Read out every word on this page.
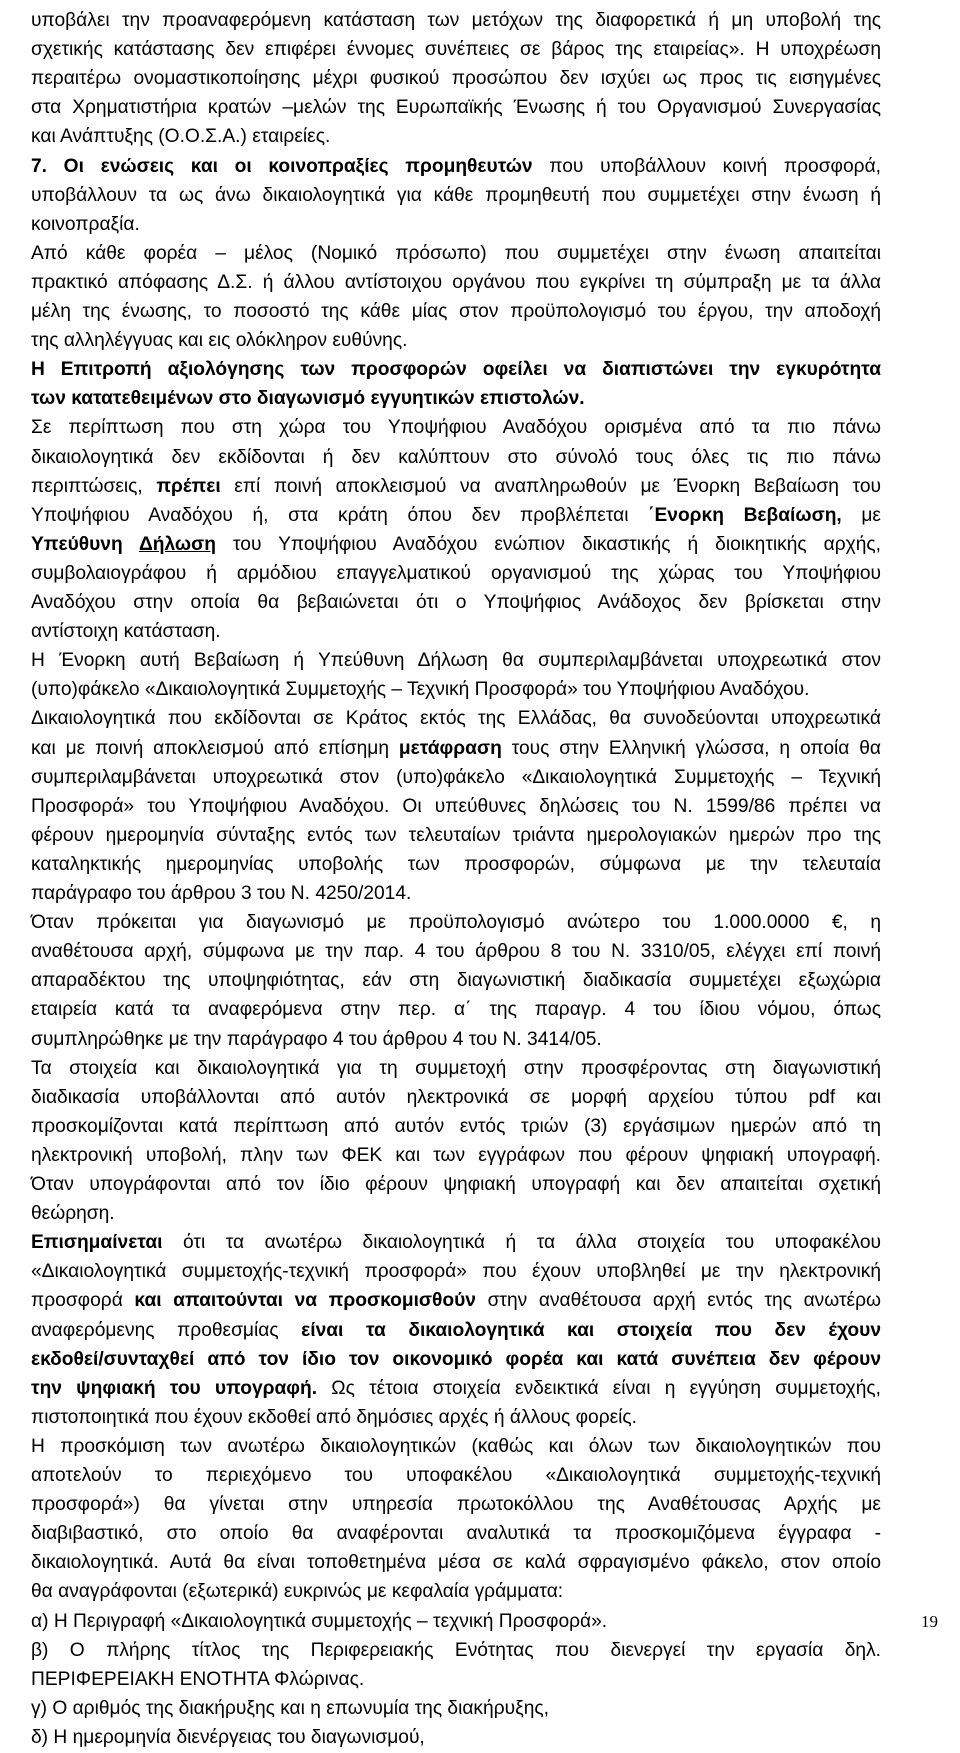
υποβάλει την προαναφερόμενη κατάσταση των μετόχων της διαφορετικά ή μη υποβολή της
σχετικής κατάστασης δεν επιφέρει έννομες συνέπειες σε βάρος της εταιρείας». Η υποχρέωση
περαιτέρω ονομαστικοποίησης μέχρι φυσικού προσώπου δεν ισχύει ως προς τις εισηγμένες
στα Χρηματιστήρια κρατών –μελών της Ευρωπαϊκής Ένωσης ή του Οργανισμού Συνεργασίας
και Ανάπτυξης (Ο.Ο.Σ.Α.) εταιρείες.
7. Οι ενώσεις και οι κοινοπραξίες προμηθευτών που υποβάλλουν κοινή προσφορά,
υποβάλλουν τα ως άνω δικαιολογητικά για κάθε προμηθευτή που συμμετέχει στην ένωση ή
κοινοπραξία.
Από κάθε φορέα – μέλος (Νομικό πρόσωπο) που συμμετέχει στην ένωση απαιτείται
πρακτικό απόφασης Δ.Σ. ή άλλου αντίστοιχου οργάνου που εγκρίνει τη σύμπραξη με τα άλλα
μέλη της ένωσης, το ποσοστό της κάθε μίας στον προϋπολογισμό του έργου, την αποδοχή
της αλληλέγγυας και εις ολόκληρον ευθύνης.
Η Επιτροπή αξιολόγησης των προσφορών οφείλει να διαπιστώνει την εγκυρότητα
των κατατεθειμένων στο διαγωνισμό εγγυητικών επιστολών.
Σε περίπτωση που στη χώρα του Υποψήφιου Αναδόχου ορισμένα από τα πιο πάνω
δικαιολογητικά δεν εκδίδονται ή δεν καλύπτουν στο σύνολό τους όλες τις πιο πάνω
περιπτώσεις, πρέπει επί ποινή αποκλεισμού να αναπληρωθούν με Ένορκη Βεβαίωση του
Υποψήφιου Αναδόχου ή, στα κράτη όπου δεν προβλέπεται ΄Ενορκη Βεβαίωση, με
Υπεύθυνη Δήλωση του Υποψήφιου Αναδόχου ενώπιον δικαστικής ή διοικητικής αρχής,
συμβολαιογράφου ή αρμόδιου επαγγελματικού οργανισμού της χώρας του Υποψήφιου
Αναδόχου στην οποία θα βεβαιώνεται ότι ο Υποψήφιος Ανάδοχος δεν βρίσκεται στην
αντίστοιχη κατάσταση.
Η Ένορκη αυτή Βεβαίωση ή Υπεύθυνη Δήλωση θα συμπεριλαμβάνεται υποχρεωτικά στον
(υπο)φάκελο «Δικαιολογητικά Συμμετοχής – Τεχνική Προσφορά» του Υποψήφιου Αναδόχου.
Δικαιολογητικά που εκδίδονται σε Κράτος εκτός της Ελλάδας, θα συνοδεύονται υποχρεωτικά
και με ποινή αποκλεισμού από επίσημη μετάφραση τους στην Ελληνική γλώσσα, η οποία θα
συμπεριλαμβάνεται υποχρεωτικά στον (υπο)φάκελο «Δικαιολογητικά Συμμετοχής – Τεχνική
Προσφορά» του Υποψήφιου Αναδόχου. Οι υπεύθυνες δηλώσεις του Ν. 1599/86 πρέπει να
φέρουν ημερομηνία σύνταξης εντός των τελευταίων τριάντα ημερολογιακών ημερών προ της
καταληκτικής ημερομηνίας υποβολής των προσφορών, σύμφωνα με την τελευταία
παράγραφο του άρθρου 3 του Ν. 4250/2014.
Όταν πρόκειται για διαγωνισμό με προϋπολογισμό ανώτερο του 1.000.0000 €, η
αναθέτουσα αρχή, σύμφωνα με την παρ. 4 του άρθρου 8 του Ν. 3310/05, ελέγχει επί ποινή
απαραδέκτου της υποψηφιότητας, εάν στη διαγωνιστική διαδικασία συμμετέχει εξωχώρια
εταιρεία κατά τα αναφερόμενα στην περ. α΄ της παραγρ. 4 του ίδιου νόμου, όπως
συμπληρώθηκε με την παράγραφο 4 του άρθρου 4 του Ν. 3414/05.
Τα στοιχεία και δικαιολογητικά για τη συμμετοχή στην προσφέροντας στη διαγωνιστική
διαδικασία υποβάλλονται από αυτόν ηλεκτρονικά σε μορφή αρχείου τύπου pdf και
προσκομίζονται κατά περίπτωση από αυτόν εντός τριών (3) εργάσιμων ημερών από τη
ηλεκτρονική υποβολή, πλην των ΦΕΚ και των εγγράφων που φέρουν ψηφιακή υπογραφή.
Όταν υπογράφονται από τον ίδιο φέρουν ψηφιακή υπογραφή και δεν απαιτείται σχετική
θεώρηση.
Επισημαίνεται ότι τα ανωτέρω δικαιολογητικά ή τα άλλα στοιχεία του υποφακέλου
«Δικαιολογητικά συμμετοχής-τεχνική προσφορά» που έχουν υποβληθεί με την ηλεκτρονική
προσφορά και απαιτούνται να προσκομισθούν στην αναθέτουσα αρχή εντός της ανωτέρω
αναφερόμενης προθεσμίας είναι τα δικαιολογητικά και στοιχεία που δεν έχουν
εκδοθεί/συνταχθεί από τον ίδιο τον οικονομικό φορέα και κατά συνέπεια δεν φέρουν
την ψηφιακή του υπογραφή. Ως τέτοια στοιχεία ενδεικτικά είναι η εγγύηση συμμετοχής,
πιστοποιητικά που έχουν εκδοθεί από δημόσιες αρχές ή άλλους φορείς.
Η προσκόμιση των ανωτέρω δικαιολογητικών (καθώς και όλων των δικαιολογητικών που
αποτελούν το περιεχόμενο του υποφακέλου «Δικαιολογητικά συμμετοχής-τεχνική
προσφορά») θα γίνεται στην υπηρεσία πρωτοκόλλου της Αναθέτουσας Αρχής με
διαβιβαστικό, στο οποίο θα αναφέρονται αναλυτικά τα προσκομιζόμενα έγγραφα -
δικαιολογητικά. Αυτά θα είναι τοποθετημένα μέσα σε καλά σφραγισμένο φάκελο, στον οποίο
θα αναγράφονται (εξωτερικά) ευκρινώς με κεφαλαία γράμματα:
α) Η Περιγραφή «Δικαιολογητικά συμμετοχής – τεχνική Προσφορά».
β) Ο πλήρης τίτλος της Περιφερειακής Ενότητας που διενεργεί την εργασία δηλ.
ΠΕΡΙΦΕΡΕΙΑΚΗ ΕΝΟΤΗΤΑ Φλώρινας.
γ) Ο αριθμός της διακήρυξης και η επωνυμία της διακήρυξης,
δ) Η ημερομηνία διενέργειας του διαγωνισμού,
19
